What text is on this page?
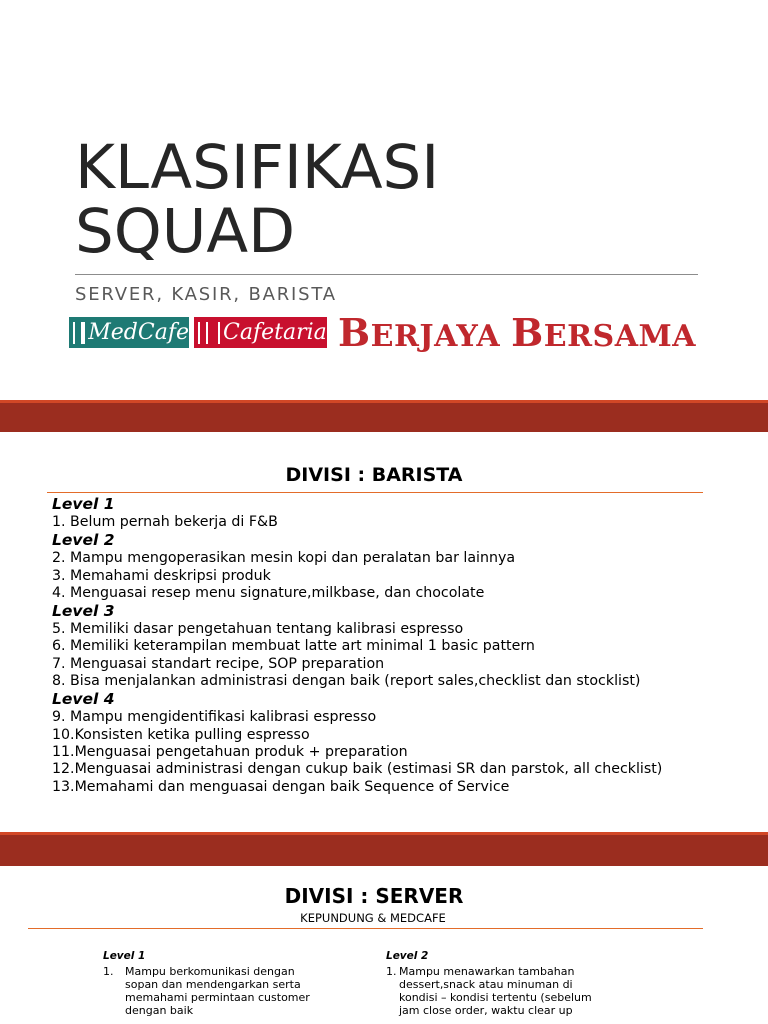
KLASIFIKASI
SQUAD
SERVER, KASIR, BARISTA
MedCafe Cafetaria BERJAYA BERSAMA
DIVISI : BARISTA
Level 1
1. Belum pernah bekerja di F&B
Level 2
2. Mampu mengoperasikan mesin kopi dan peralatan bar lainnya
3. Memahami deskripsi produk
4. Menguasai resep menu signature,milkbase, dan chocolate
Level 3
5. Memiliki dasar pengetahuan tentang kalibrasi espresso
6. Memiliki keterampilan membuat latte art minimal 1 basic pattern
7. Menguasai standart recipe, SOP preparation
8. Bisa menjalankan administrasi dengan baik (report sales,checklist dan stocklist)
Level 4
9. Mampu mengidentifikasi kalibrasi espresso
10.Konsisten ketika pulling espresso
11.Menguasai pengetahuan produk + preparation
12.Menguasai administrasi dengan cukup baik (estimasi SR dan parstok, all checklist)
13.Memahami dan menguasai dengan baik Sequence of Service
DIVISI : SERVER
KEPUNDUNG & MEDCAFE
Level 1
1. Mampu berkomunikasi dengan
sopan dan mendengarkan serta
memahami permintaan customer
dengan baik
Level 2
1. Mampu menawarkan tambahan
dessert,snack atau minuman di
kondisi – kondisi tertentu (sebelum
jam close order, waktu clear up
